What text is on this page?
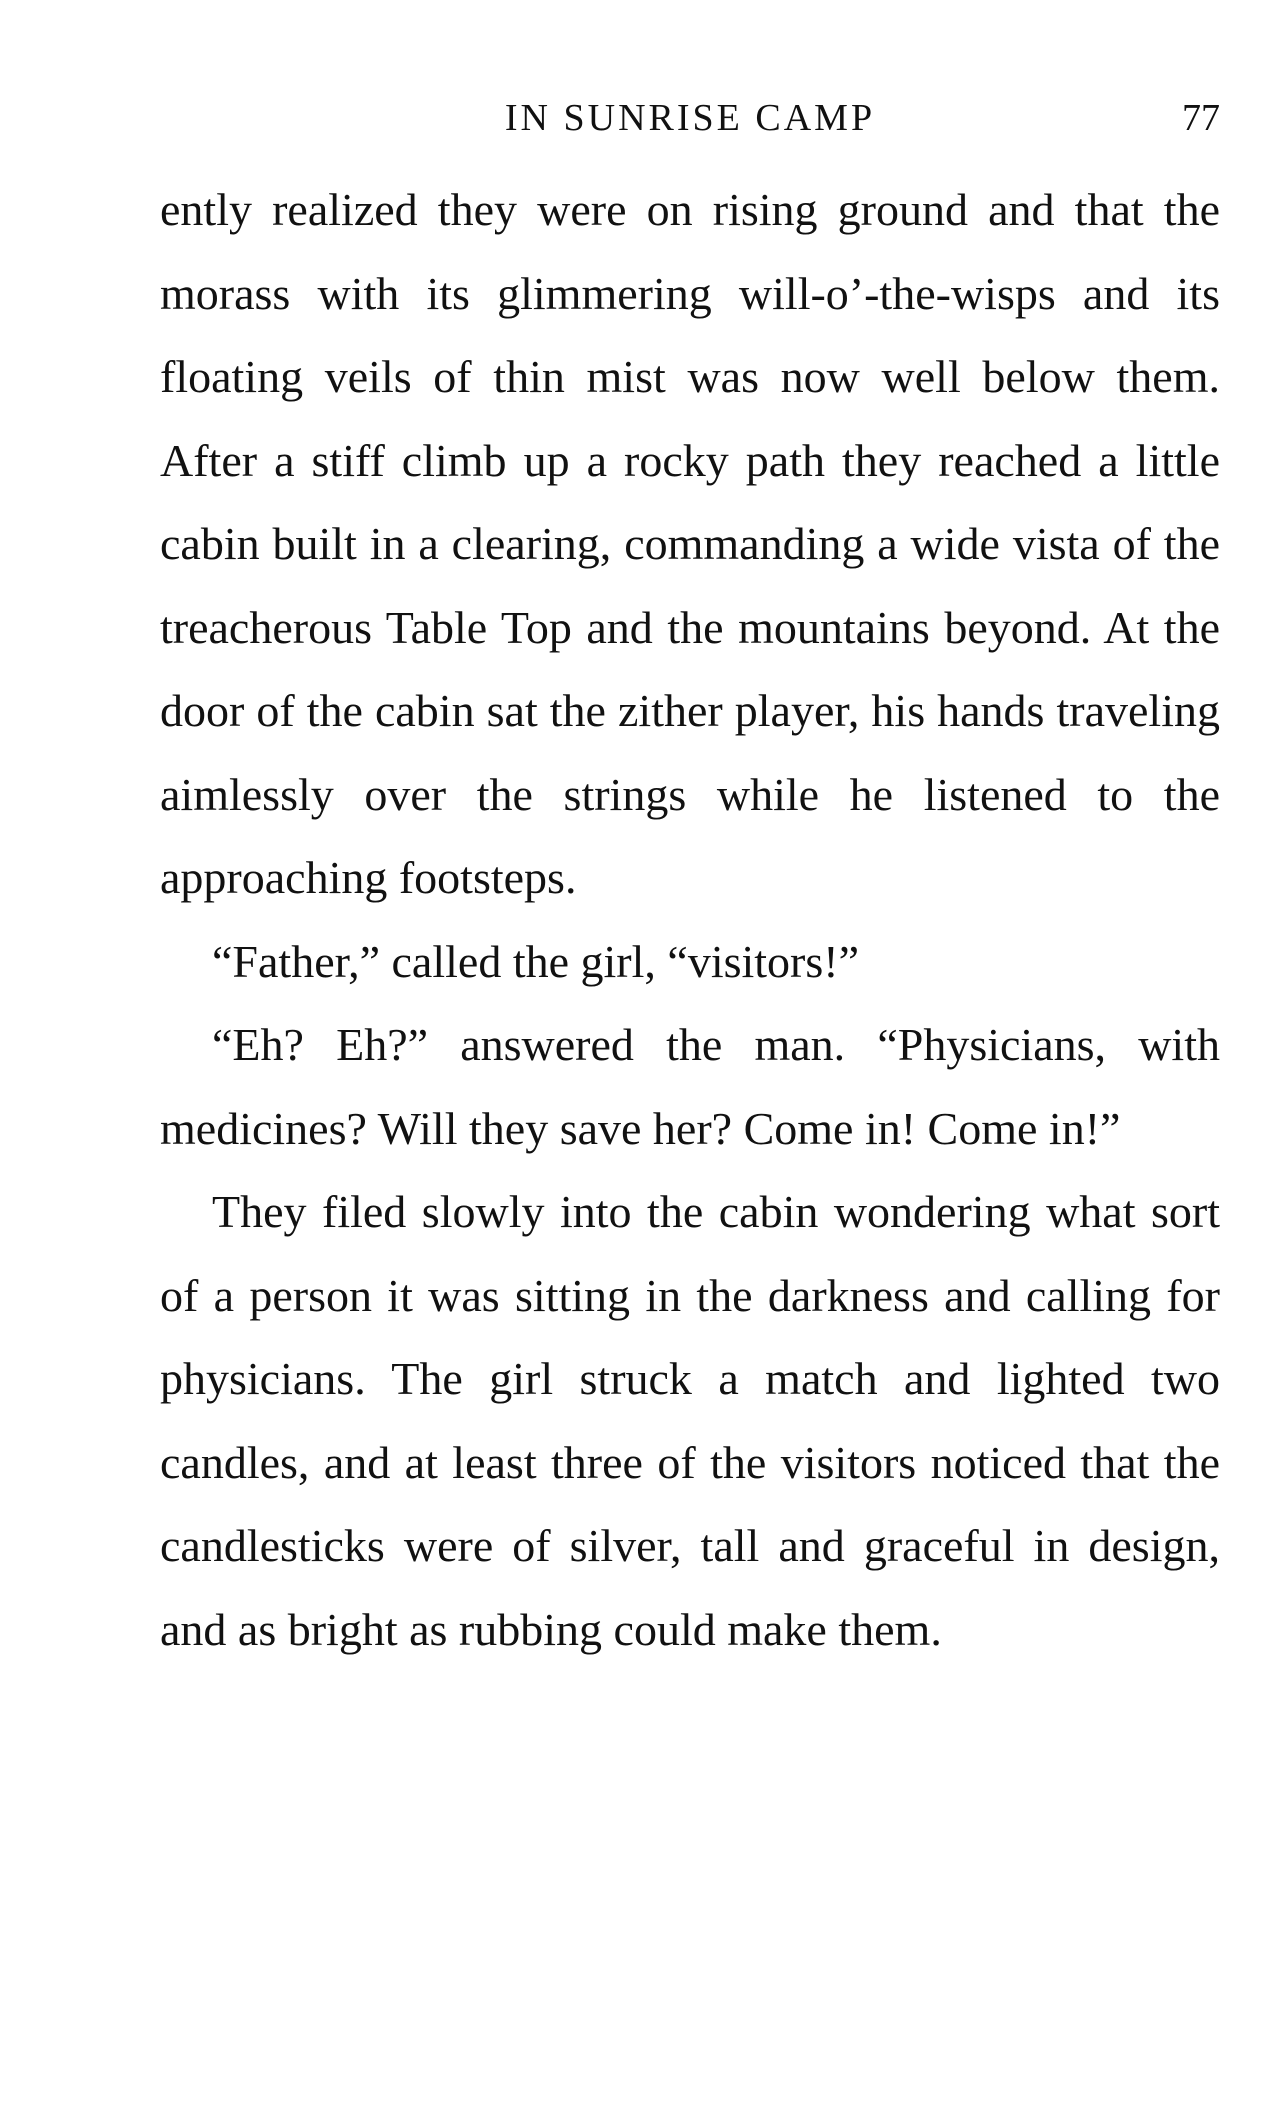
IN SUNRISE CAMP	77

ently realized they were on rising ground and that the morass with its glimmering will-o’-the-wisps and its floating veils of thin mist was now well below them. After a stiff climb up a rocky path they reached a little cabin built in a clearing, commanding a wide vista of the treacherous Table Top and the mountains beyond. At the door of the cabin sat the zither player, his hands traveling aimlessly over the strings while he listened to the approaching footsteps.

“Father,” called the girl, “visitors!”

“Eh? Eh?” answered the man. “Physicians, with medicines? Will they save her? Come in! Come in!”

They filed slowly into the cabin wondering what sort of a person it was sitting in the darkness and calling for physicians. The girl struck a match and lighted two candles, and at least three of the visitors noticed that the candlesticks were of silver, tall and graceful in design, and as bright as rubbing could make them.
